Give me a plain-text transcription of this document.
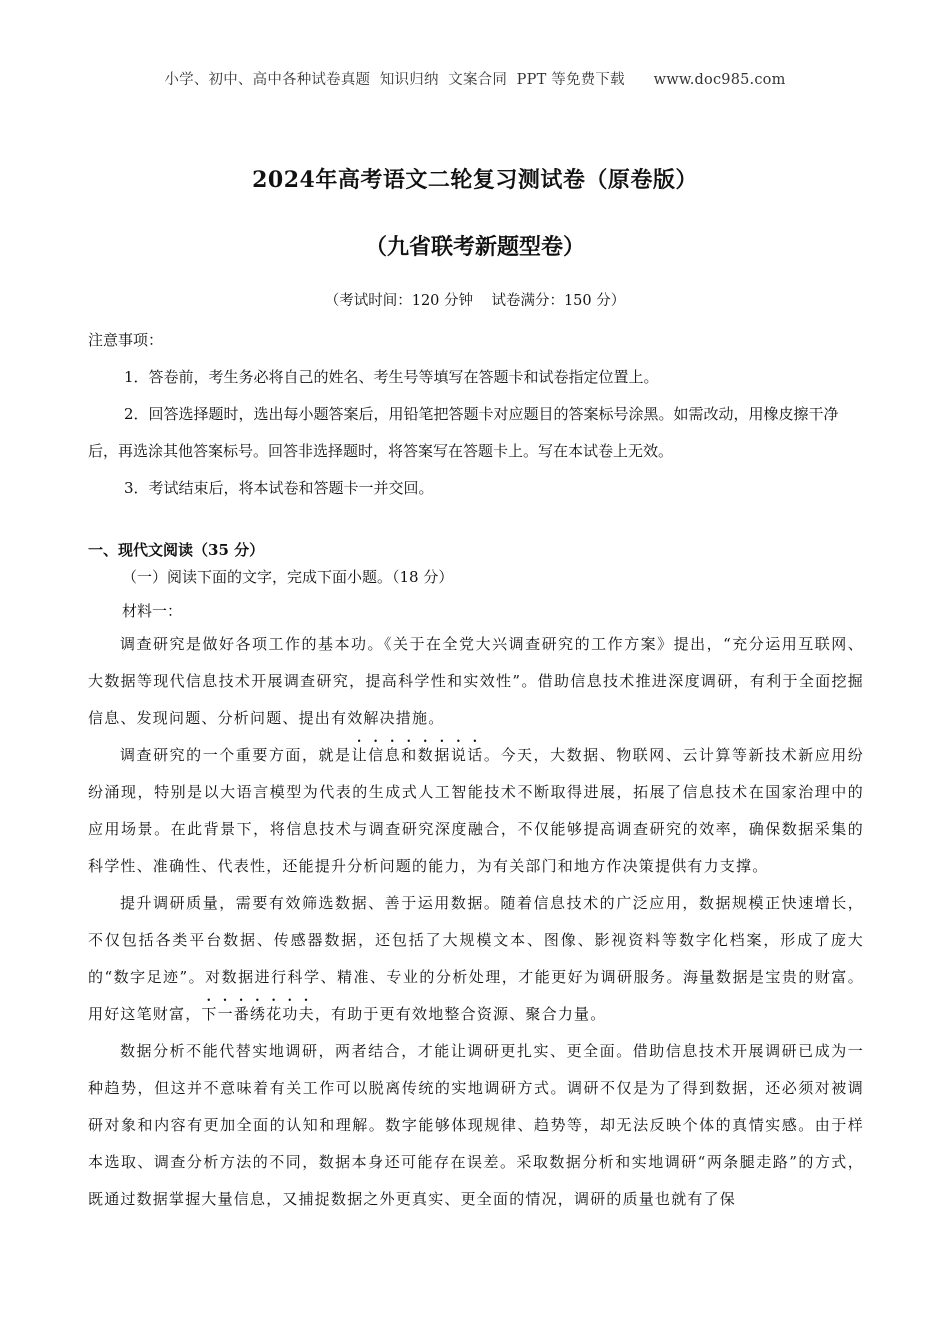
小学、初中、高中各种试卷真题  知识归纳  文案合同  PPT 等免费下载      www.doc985.com
2024年高考语文二轮复习测试卷（原卷版）
（九省联考新题型卷）
（考试时间：120 分钟    试卷满分：150 分）

注意事项：

1．答卷前，考生务必将自己的姓名、考生号等填写在答题卡和试卷指定位置上。

2．回答选择题时，选出每小题答案后，用铅笔把答题卡对应题目的答案标号涂黑。如需改动，用橡皮擦干净后，再选涂其他答案标号。回答非选择题时，将答案写在答题卡上。写在本试卷上无效。

3．考试结束后，将本试卷和答题卡一并交回。

一、现代文阅读（35 分）

（一）阅读下面的文字，完成下面小题。（18 分）

材料一：

调查研究是做好各项工作的基本功。《关于在全党大兴调查研究的工作方案》提出，“充分运用互联网、大数据等现代信息技术开展调查研究，提高科学性和实效性”。借助信息技术推进深度调研，有利于全面挖掘信息、发现问题、分析问题、提出有效解决措施。

调查研究的一个重要方面，就是让信息和数据说话。今天，大数据、物联网、云计算等新技术新应用纷纷涌现，特别是以大语言模型为代表的生成式人工智能技术不断取得进展，拓展了信息技术在国家治理中的应用场景。在此背景下，将信息技术与调查研究深度融合，不仅能够提高调查研究的效率，确保数据采集的科学性、准确性、代表性，还能提升分析问题的能力，为有关部门和地方作决策提供有力支撑。

提升调研质量，需要有效筛选数据、善于运用数据。随着信息技术的广泛应用，数据规模正快速增长，不仅包括各类平台数据、传感器数据，还包括了大规模文本、图像、影视资料等数字化档案，形成了庞大的“数字足迹”。对数据进行科学、精准、专业的分析处理，才能更好为调研服务。海量数据是宝贵的财富。用好这笔财富，下一番绣花功夫，有助于更有效地整合资源、聚合力量。

数据分析不能代替实地调研，两者结合，才能让调研更扎实、更全面。借助信息技术开展调研已成为一种趋势，但这并不意味着有关工作可以脱离传统的实地调研方式。调研不仅是为了得到数据，还必须对被调研对象和内容有更加全面的认知和理解。数字能够体现规律、趋势等，却无法反映个体的真情实感。由于样本选取、调查分析方法的不同，数据本身还可能存在误差。采取数据分析和实地调研“两条腿走路”的方式，既通过数据掌握大量信息，又捕捉数据之外更真实、更全面的情况，调研的质量也就有了保
